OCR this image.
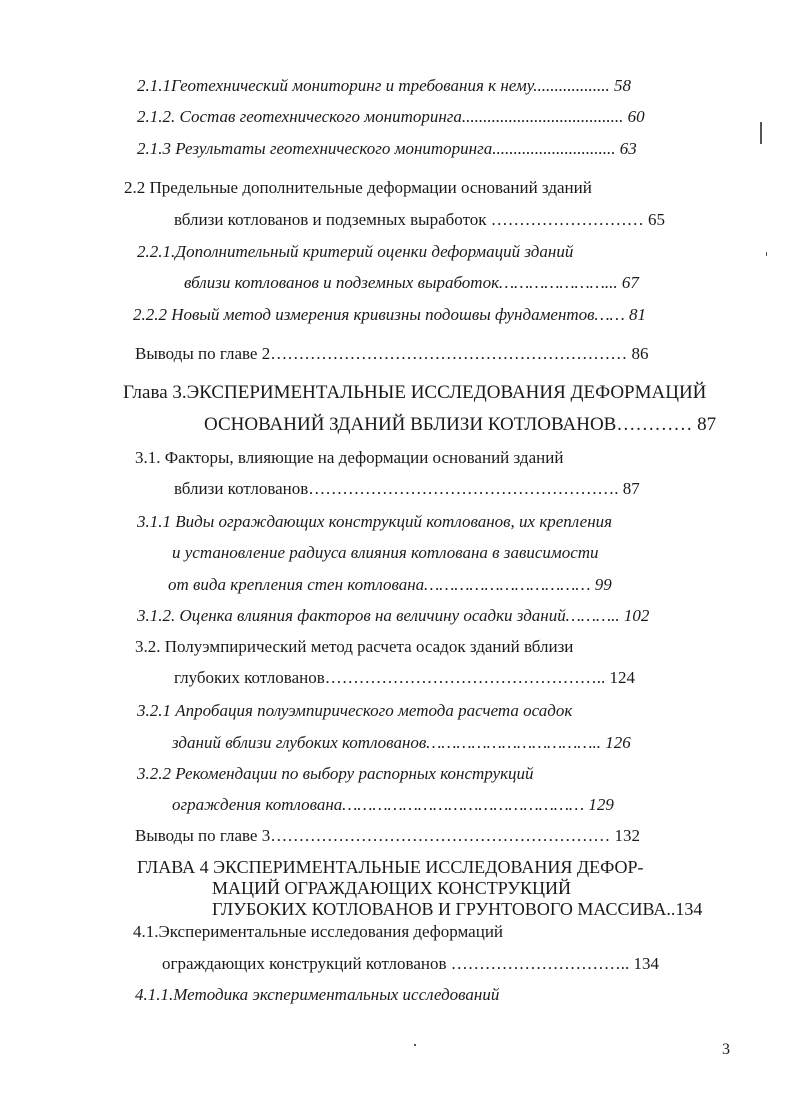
2.1.1Геотехнический мониторинг и требования к нему.................. 58
2.1.2. Состав геотехнического мониторинга...................................... 60
2.1.3 Результаты геотехнического мониторинга............................. 63
2.2 Предельные дополнительные деформации оснований зданий
вблизи котлованов и подземных выработок ……………………… 65
2.2.1.Дополнительный критерий оценки деформаций зданий
вблизи котлованов и подземных выработок…………………... 67
2.2.2 Новый метод измерения кривизны подошвы фундаментов…… 81
Выводы по главе 2……………………………………………………… 86
Глава 3.ЭКСПЕРИМЕНТАЛЬНЫЕ ИССЛЕДОВАНИЯ ДЕФОРМАЦИЙ
ОСНОВАНИЙ ЗДАНИЙ ВБЛИЗИ КОТЛОВАНОВ………… 87
3.1. Факторы, влияющие на деформации оснований зданий
вблизи котлованов………………………………………………. 87
3.1.1 Виды ограждающих конструкций котлованов, их крепления
и установление радиуса влияния котлована в зависимости
от вида крепления стен котлована…………………………… 99
3.1.2. Оценка влияния факторов на величину осадки зданий……….. 102
3.2. Полуэмпирический метод расчета осадок зданий вблизи
глубоких котлованов………………………………………….. 124
3.2.1 Апробация полуэмпирического метода расчета осадок
зданий вблизи глубоких котлованов…………………………….. 126
3.2.2 Рекомендации по выбору распорных конструкций
ограждения котлована………………………………………… 129
Выводы по главе 3…………………………………………………… 132
ГЛАВА 4 ЭКСПЕРИМЕНТАЛЬНЫЕ ИССЛЕДОВАНИЯ ДЕФОР-
МАЦИЙ ОГРАЖДАЮЩИХ КОНСТРУКЦИЙ
ГЛУБОКИХ КОТЛОВАНОВ И ГРУНТОВОГО МАССИВА..134
4.1.Экспериментальные исследования деформаций
ограждающих конструкций котлованов ………………………….. 134
4.1.1.Методика экспериментальных исследований
3
